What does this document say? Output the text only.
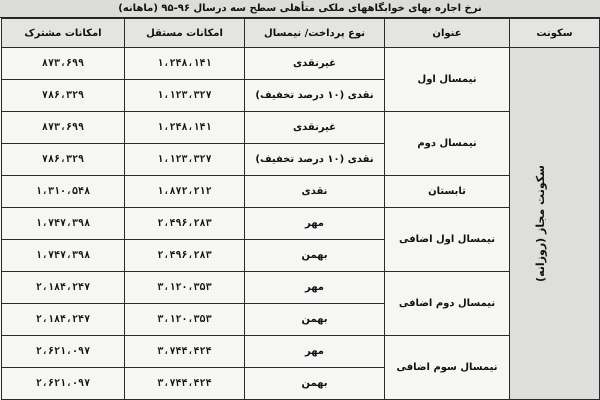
نرخ اجاره بهای خوابگاههای ملکی متأهلی سطح سه درسال ۹۶-۹۵ (ماهانه)
سکونت	عنوان	نوع پرداخت/ نیمسال	امکانات مستقل	امکانات مشترک
سکونت مجاز (روزانه)	نیمسال اول	غیرنقدی	۱،۲۴۸،۱۴۱	۸۷۳،۶۹۹
		نقدی (۱۰ درصد تخفیف)	۱،۱۲۳،۳۲۷	۷۸۶،۳۲۹
	نیمسال دوم	غیرنقدی	۱،۲۴۸،۱۴۱	۸۷۳،۶۹۹
		نقدی (۱۰ درصد تخفیف)	۱،۱۲۳،۳۲۷	۷۸۶،۳۲۹
	تابستان	نقدی	۱،۸۷۲،۲۱۲	۱،۳۱۰،۵۴۸
	نیمسال اول اضافی	مهر	۲،۴۹۶،۲۸۳	۱،۷۴۷،۳۹۸
		بهمن	۲،۴۹۶،۲۸۳	۱،۷۴۷،۳۹۸
	نیمسال دوم اضافی	مهر	۳،۱۲۰،۳۵۳	۲،۱۸۴،۲۴۷
		بهمن	۳،۱۲۰،۳۵۳	۲،۱۸۴،۲۴۷
	نیمسال سوم اضافی	مهر	۳،۷۴۴،۴۲۴	۲،۶۲۱،۰۹۷
		بهمن	۳،۷۴۴،۴۲۴	۲،۶۲۱،۰۹۷
